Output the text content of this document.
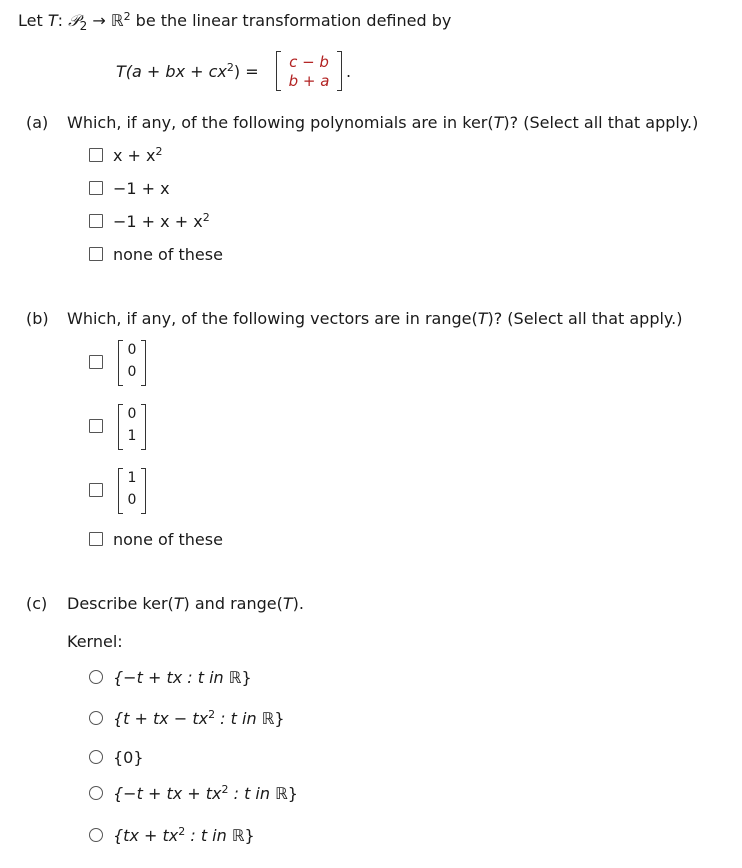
Let T: 𝒫$_2$ → ℝ$^2$ be the linear transformation defined by
T(a + bx + $cx^2$) =	c − b
b + a	.
(a) Which, if any, of the following polynomials are in ker(T)? (Select all that apply.)
$x + x^2$
−1 + x
$-1 + x + x^2$
none of these
(b) Which, if any, of the following vectors are in range(T)? (Select all that apply.)
0
0
0
1
1
0
none of these
(c) Describe ker(T) and range(T).
Kernel:
{−t + tx : t in ℝ}
{t + tx − $tx^2$ : t in ℝ}
{0}
{−t + tx + $tx^2$ : t in ℝ}
{$tx + tx^2$ : t in ℝ}
